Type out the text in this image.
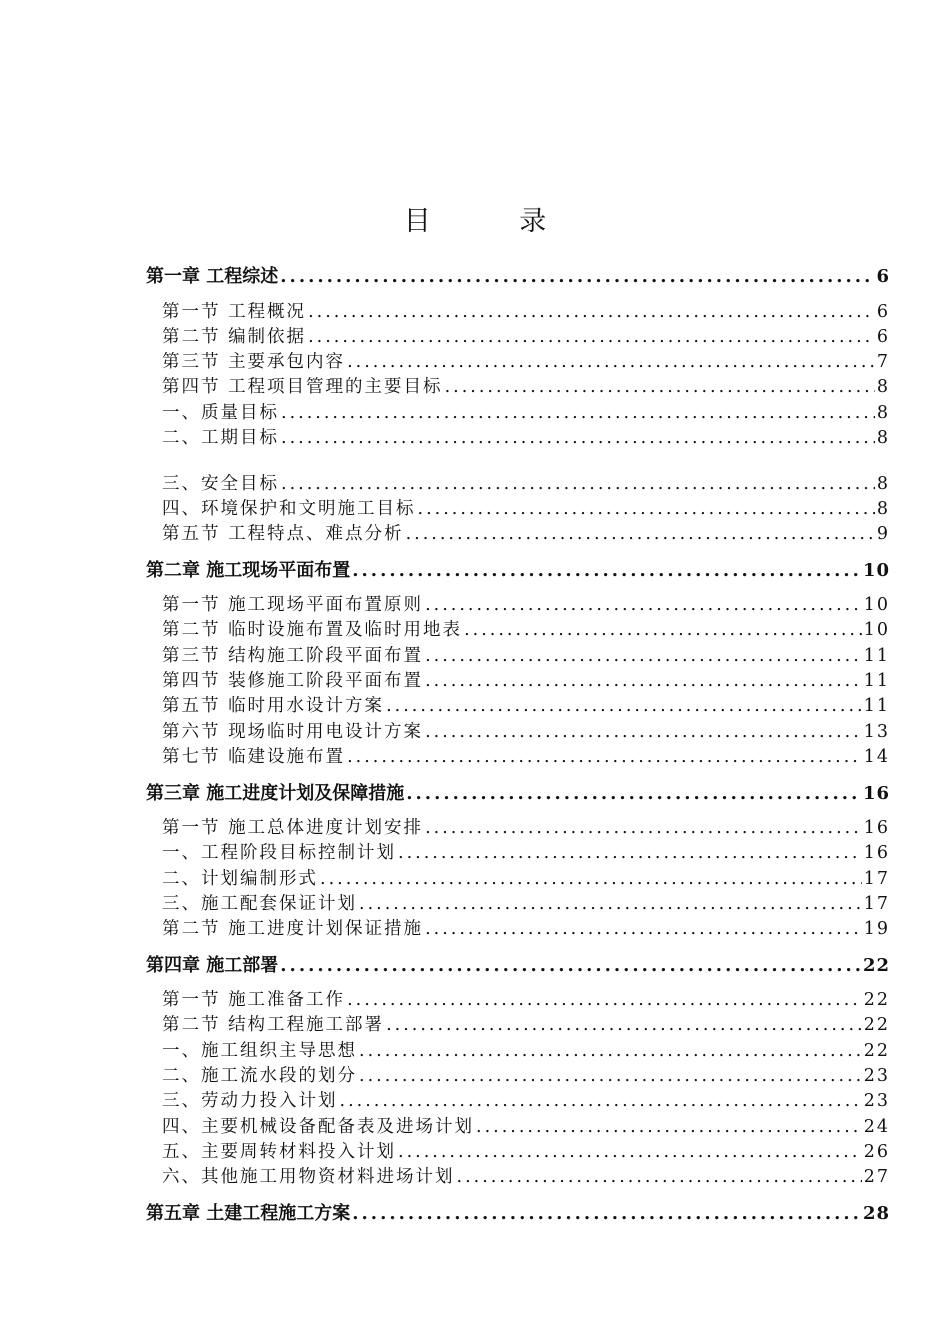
目 录
第一章 工程综述 .....	6
第一节 工程概况 .....	6
第二节 编制依据 .....	6
第三节 主要承包内容 .....	7
第四节 工程项目管理的主要目标 .....	8
一、质量目标 .....	8
二、工期目标 .....	8
三、安全目标 .....	8
四、环境保护和文明施工目标 .....	8
第五节 工程特点、难点分析 .....	9
第二章 施工现场平面布置 .....	10
第一节 施工现场平面布置原则 .....	10
第二节 临时设施布置及临时用地表 .....	10
第三节 结构施工阶段平面布置 .....	11
第四节 装修施工阶段平面布置 .....	11
第五节 临时用水设计方案 .....	11
第六节 现场临时用电设计方案 .....	13
第七节 临建设施布置 .....	14
第三章 施工进度计划及保障措施 .....	16
第一节 施工总体进度计划安排 .....	16
一、工程阶段目标控制计划 .....	16
二、计划编制形式 .....	17
三、施工配套保证计划 .....	17
第二节 施工进度计划保证措施 .....	19
第四章 施工部署 .....	22
第一节 施工准备工作 .....	22
第二节 结构工程施工部署 .....	22
一、施工组织主导思想 .....	22
二、施工流水段的划分 .....	23
三、劳动力投入计划 .....	23
四、主要机械设备配备表及进场计划 .....	24
五、主要周转材料投入计划 .....	26
六、其他施工用物资材料进场计划 .....	27
第五章 土建工程施工方案 .....	28
